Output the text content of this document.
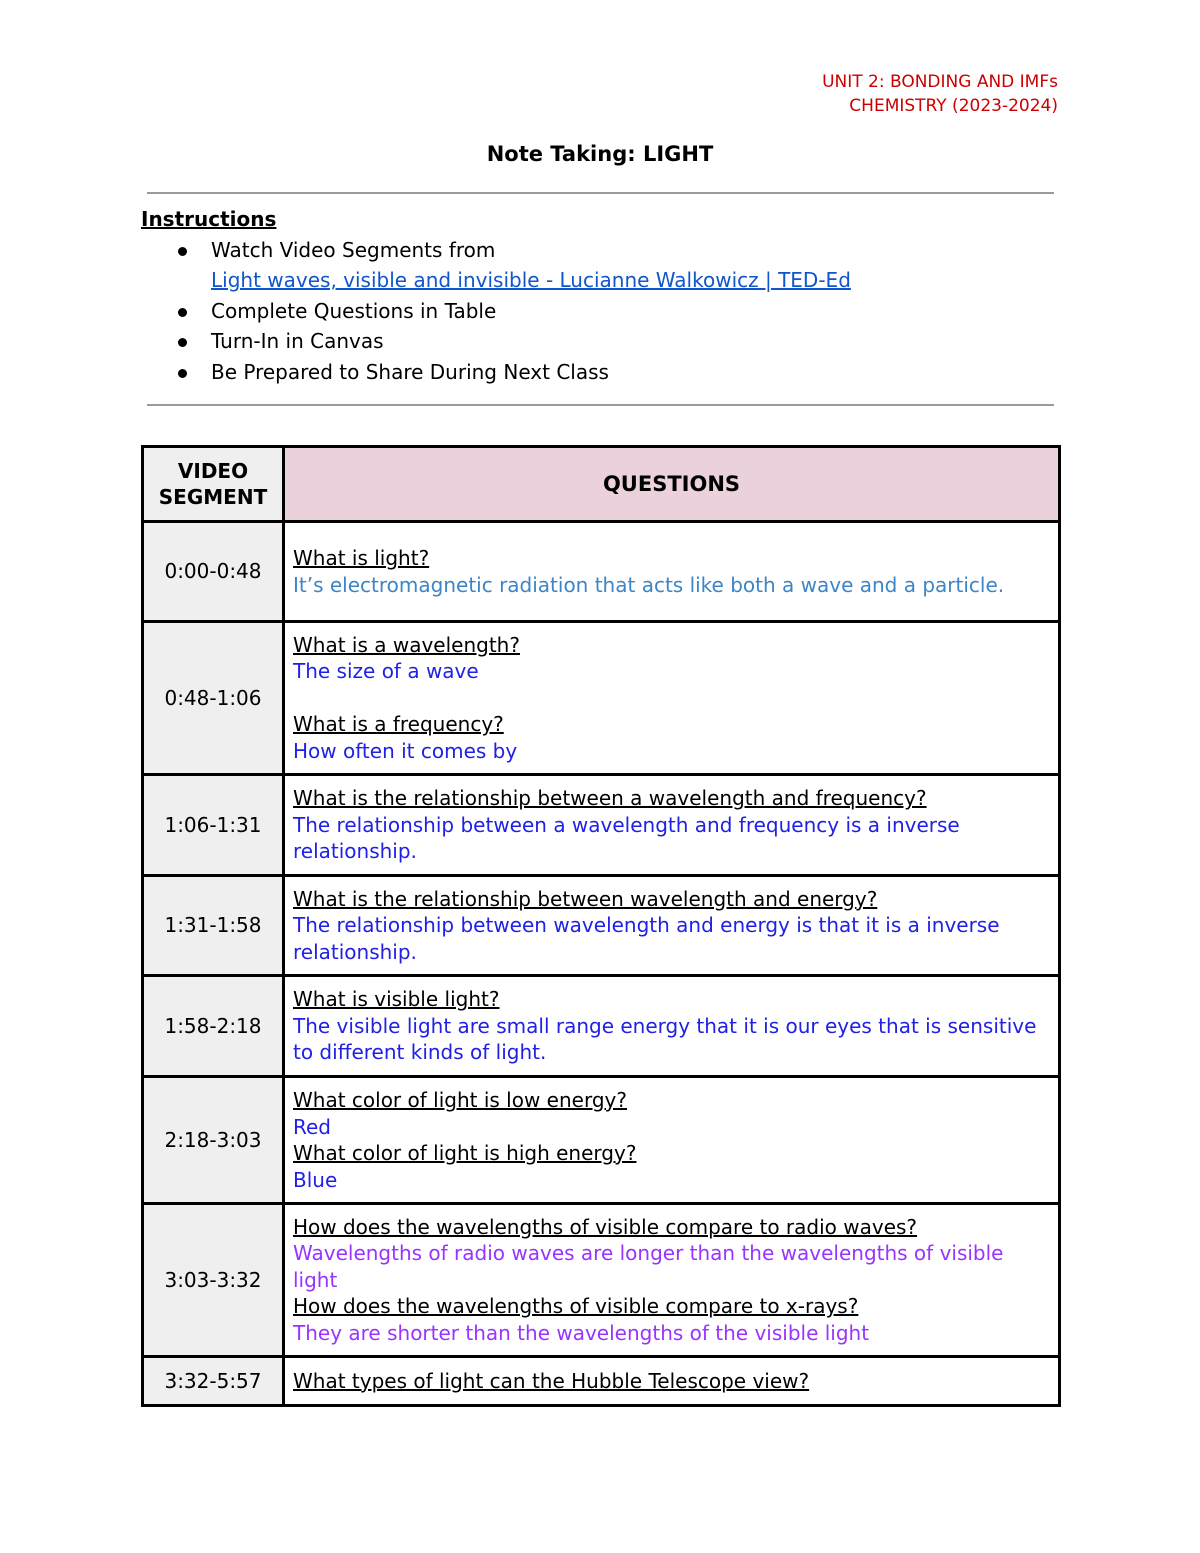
UNIT 2: BONDING AND IMFs
CHEMISTRY (2023-2024)
Note Taking: LIGHT
Instructions
Watch Video Segments from
Light waves, visible and invisible - Lucianne Walkowicz | TED-Ed
Complete Questions in Table
Turn-In in Canvas
Be Prepared to Share During Next Class
VIDEO SEGMENT	QUESTIONS
0:00-0:48	What is light?
It’s electromagnetic radiation that acts like both a wave and a particle.

0:48-1:06	What is a wavelength?
The size of a wave
What is a frequency?
How often it comes by

1:06-1:31	What is the relationship between a wavelength and frequency?
The relationship between a wavelength and frequency is a inverse relationship.

1:31-1:58	What is the relationship between wavelength and energy?
The relationship between wavelength and energy is that it is a inverse relationship.

1:58-2:18	What is visible light?
The visible light are small range energy that it is our eyes that is sensitive to different kinds of light.

2:18-3:03	What color of light is low energy?
Red
What color of light is high energy?
Blue

3:03-3:32	How does the wavelengths of visible compare to radio waves?
Wavelengths of radio waves are longer than the wavelengths of visible light
How does the wavelengths of visible compare to x-rays?
They are shorter than the wavelengths of the visible light

3:32-5:57	What types of light can the Hubble Telescope view?
